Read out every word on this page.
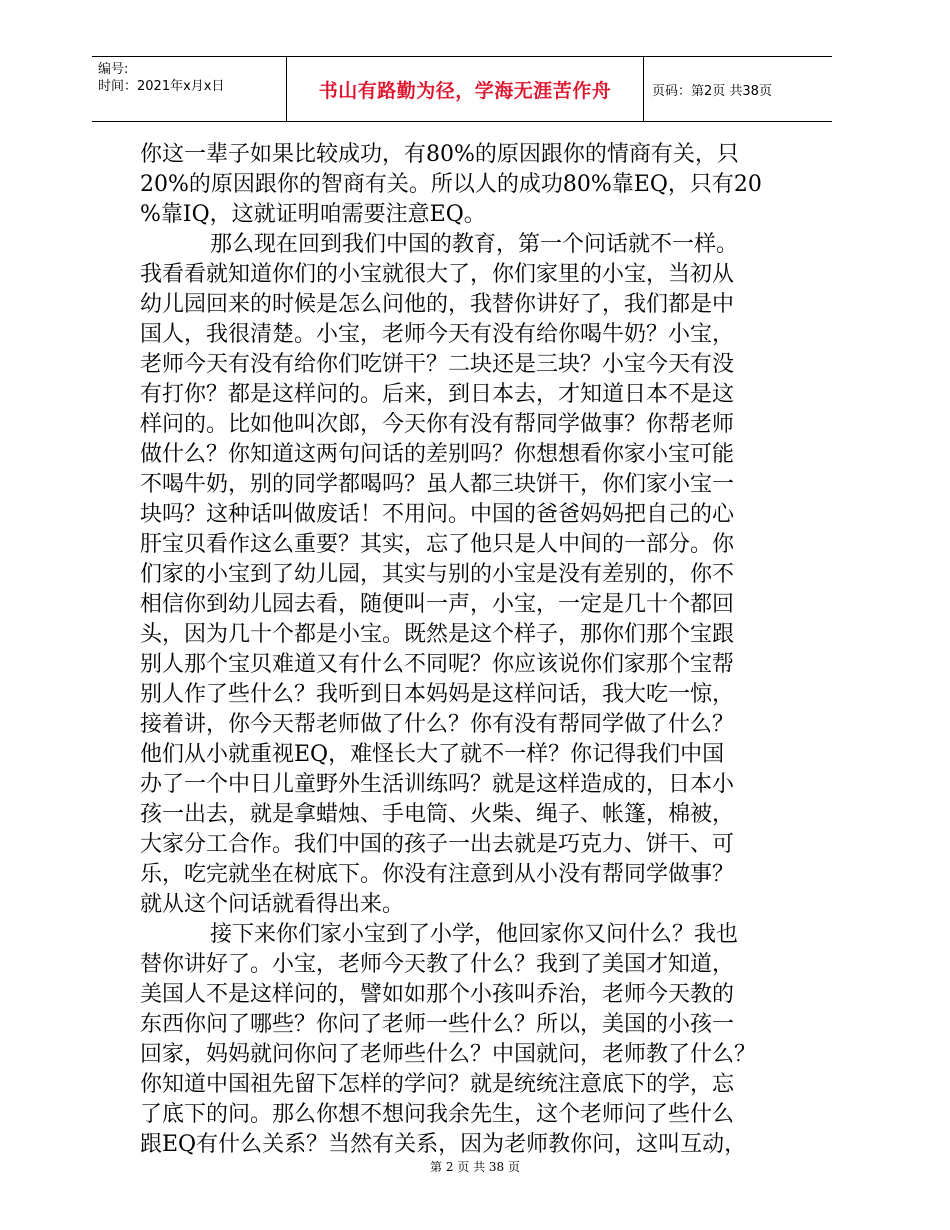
编号:
时间：2021年x月x日	书山有路勤为径，学海无涯苦作舟	页码：第2页 共38页
你这一辈子如果比较成功，有80%的原因跟你的情商有关，只
20%的原因跟你的智商有关。所以人的成功80%靠EQ，只有20
%靠IQ，这就证明咱需要注意EQ。
那么现在回到我们中国的教育，第一个问话就不一样。
我看看就知道你们的小宝就很大了，你们家里的小宝，当初从
幼儿园回来的时候是怎么问他的，我替你讲好了，我们都是中
国人，我很清楚。小宝，老师今天有没有给你喝牛奶？小宝，
老师今天有没有给你们吃饼干？二块还是三块？小宝今天有没
有打你？都是这样问的。后来，到日本去，才知道日本不是这
样问的。比如他叫次郎，今天你有没有帮同学做事？你帮老师
做什么？你知道这两句问话的差别吗？你想想看你家小宝可能
不喝牛奶，别的同学都喝吗？虽人都三块饼干，你们家小宝一
块吗？这种话叫做废话！不用问。中国的爸爸妈妈把自己的心
肝宝贝看作这么重要？其实，忘了他只是人中间的一部分。你
们家的小宝到了幼儿园，其实与别的小宝是没有差别的，你不
相信你到幼儿园去看，随便叫一声，小宝，一定是几十个都回
头，因为几十个都是小宝。既然是这个样子，那你们那个宝跟
别人那个宝贝难道又有什么不同呢？你应该说你们家那个宝帮
别人作了些什么？我听到日本妈妈是这样问话，我大吃一惊，
接着讲，你今天帮老师做了什么？你有没有帮同学做了什么？
他们从小就重视EQ，难怪长大了就不一样？你记得我们中国
办了一个中日儿童野外生活训练吗？就是这样造成的，日本小
孩一出去，就是拿蜡烛、手电筒、火柴、绳子、帐篷，棉被，
大家分工合作。我们中国的孩子一出去就是巧克力、饼干、可
乐，吃完就坐在树底下。你没有注意到从小没有帮同学做事？
就从这个问话就看得出来。
接下来你们家小宝到了小学，他回家你又问什么？我也
替你讲好了。小宝，老师今天教了什么？我到了美国才知道，
美国人不是这样问的，譬如如那个小孩叫乔治，老师今天教的
东西你问了哪些？你问了老师一些什么？所以，美国的小孩一
回家，妈妈就问你问了老师些什么？中国就问，老师教了什么？
你知道中国祖先留下怎样的学问？就是统统注意底下的学，忘
了底下的问。那么你想不想问我余先生，这个老师问了些什么
跟EQ有什么关系？当然有关系，因为老师教你问，这叫互动，
第 2 页 共 38 页
